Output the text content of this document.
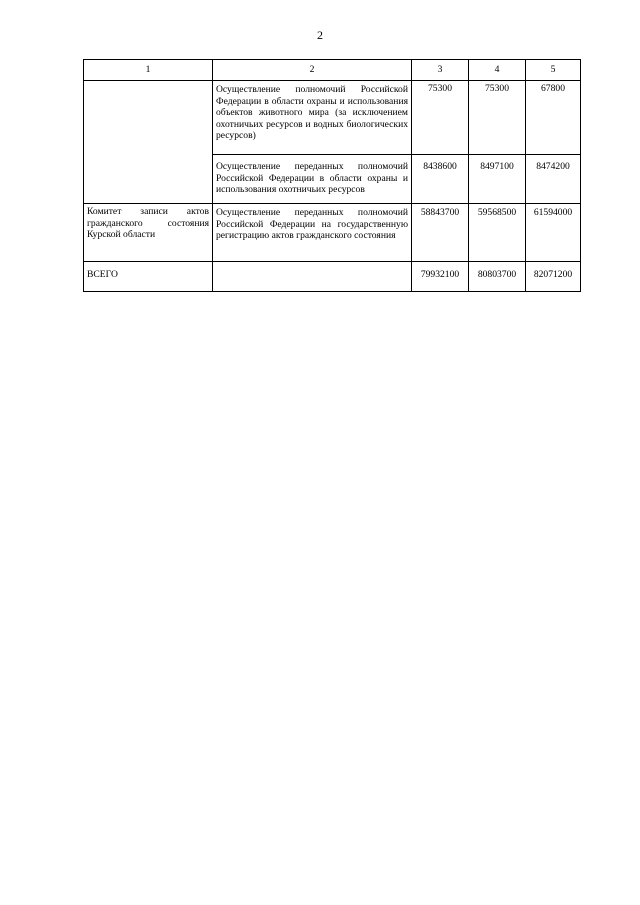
2
1	2	3	4	5
	Осуществление полномочий Российской Федерации в области охраны и использования объектов животного мира (за исключением охотничьих ресурсов и водных биологических ресурсов)	75300	75300	67800
	Осуществление переданных полномочий Российской Федерации в области охраны и использования охотничьих ресурсов	8438600	8497100	8474200
Комитет записи актов гражданского состояния Курской области	Осуществление переданных полномочий Российской Федерации на государственную регистрацию актов гражданского состояния	58843700	59568500	61594000
ВСЕГО		79932100	80803700	82071200
